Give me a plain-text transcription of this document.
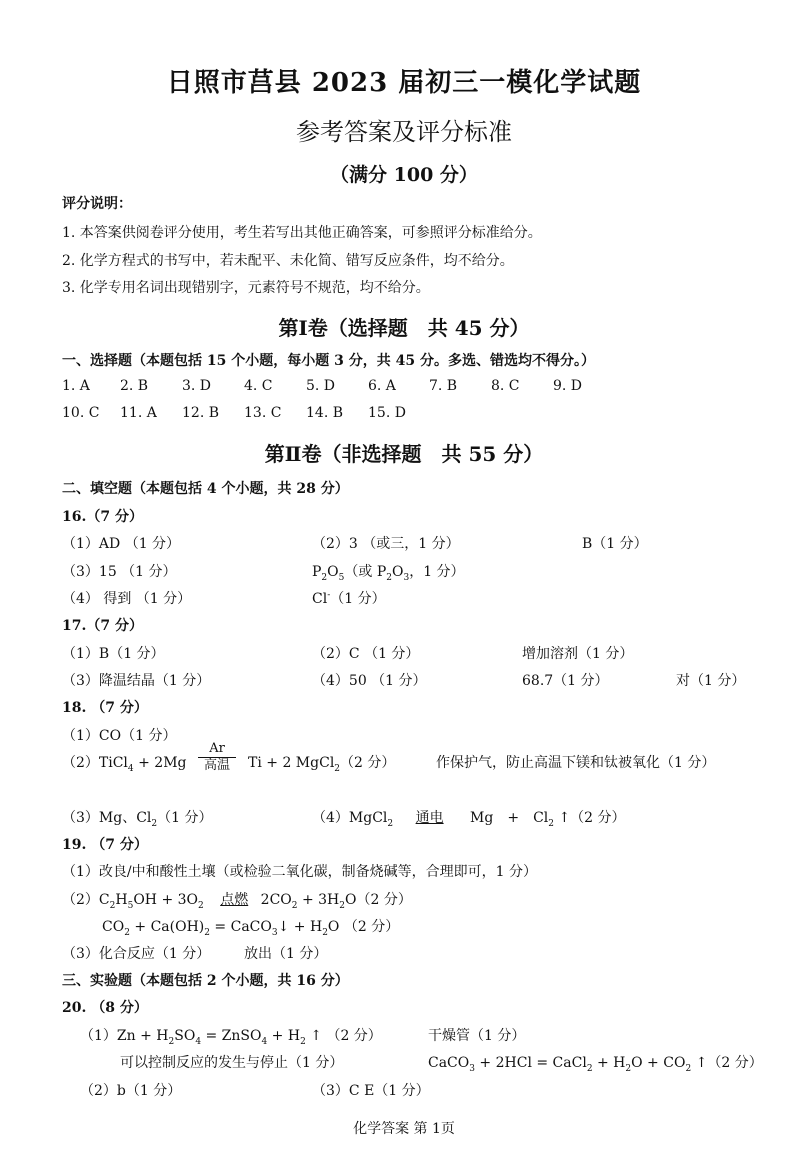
日照市莒县 2023 届初三一模化学试题
参考答案及评分标准
（满分 100 分）
评分说明：
1. 本答案供阅卷评分使用，考生若写出其他正确答案，可参照评分标准给分。
2. 化学方程式的书写中，若未配平、未化简、错写反应条件，均不给分。
3. 化学专用名词出现错别字，元素符号不规范，均不给分。
第Ⅰ卷（选择题　共 45 分）
一、选择题（本题包括 15 个小题，每小题 3 分，共 45 分。多选、错选均不得分。）
1. A 2. B 3. D 4. C 5. D 6. A 7. B 8. C 9. D
10. C 11. A 12. B 13. C 14. B 15. D
第Ⅱ卷（非选择题　共 55 分）
二、填空题（本题包括 4 个小题，共 28 分）
16.（7 分）
（1）AD （1 分）	（2）3 （或三，1 分）	B（1 分）
（3）15 （1 分）	$P_2O_5$（或 $P_2O_3$，1 分）
（4） 得到 （1 分）	Cl-（1 分）
17.（7 分）
（1）B（1 分）	（2）C （1 分）	增加溶剂（1 分）
（3）降温结晶（1 分）	（4）50 （1 分）	68.7（1 分）	对（1 分）
18. （7 分）
（1）CO（1 分）
（2）TiCl$_4$ + 2Mg
Ar
高温	Ti + 2 MgCl$_2$（2 分）	作保护气，防止高温下镁和钛被氧化（1 分）
（3）Mg、$Cl_2(1$ 分）	（4）MgCl$_2$ 通电 Mg　+　$Cl_2$ ↑（2 分）
19. （7 分）
（1）改良/中和酸性土壤（或检验二氧化碳，制备烧碱等，合理即可，1 分）
$(2)C_2H_5OH + 3O_2$ 点燃 $2CO_2 + 3H_2O(2$ 分）
$CO_2 + Ca(OH)_2$ = CaCO$_3$↓ + $H_2O$ （2 分）
（3）化合反应（1 分） 放出（1 分）
三、实验题（本题包括 2 个小题，共 16 分）
20. （8 分）
$(1)Zn + H_2SO_4$ = ZnSO$_4$ + $H_2$ ↑ （2 分）	干燥管（1 分）
可以控制反应的发生与停止（1 分）	CaCO$_3$ + 2HCl = CaCl$_2$ + $H_2O + CO_2$ ↑（2 分）
（2）b（1 分）	（3）C E（1 分）
化学答案 第 1页
